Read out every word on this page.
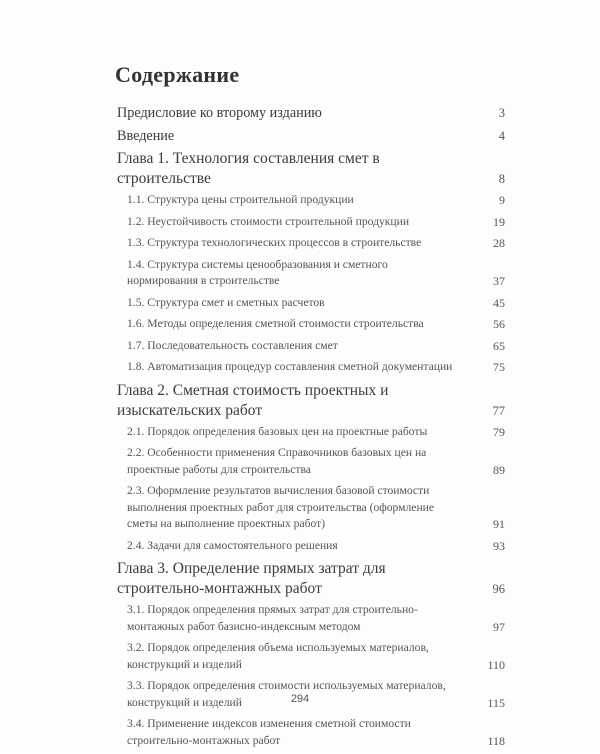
Содержание
Предисловие ко второму изданию	3
Введение	4
Глава 1. Технология составления смет в строительстве	8
1.1. Структура цены строительной продукции	9
1.2. Неустойчивость стоимости строительной продукции	19
1.3. Структура технологических процессов в строительстве	28
1.4. Структура системы ценообразования и сметного нормирования в строительстве	37
1.5. Структура смет и сметных расчетов	45
1.6. Методы определения сметной стоимости строительства	56
1.7. Последовательность составления смет	65
1.8. Автоматизация процедур составления сметной документации	75
Глава 2. Сметная стоимость проектных и изыскательских работ	77
2.1. Порядок определения базовых цен на проектные работы	79
2.2. Особенности применения Справочников базовых цен на проектные работы для строительства	89
2.3. Оформление результатов вычисления базовой стоимости выполнения проектных работ для строительства (оформление сметы на выполнение проектных работ)	91
2.4. Задачи для самостоятельного решения	93
Глава 3. Определение прямых затрат для строительно-монтажных работ	96
3.1. Порядок определения прямых затрат для строительно-монтажных работ базисно-индексным методом	97
3.2. Порядок определения объема используемых материалов, конструкций и изделий	110
3.3. Порядок определения стоимости используемых материалов, конструкций и изделий	115
3.4. Применение индексов изменения сметной стоимости строительно-монтажных работ	118
294
